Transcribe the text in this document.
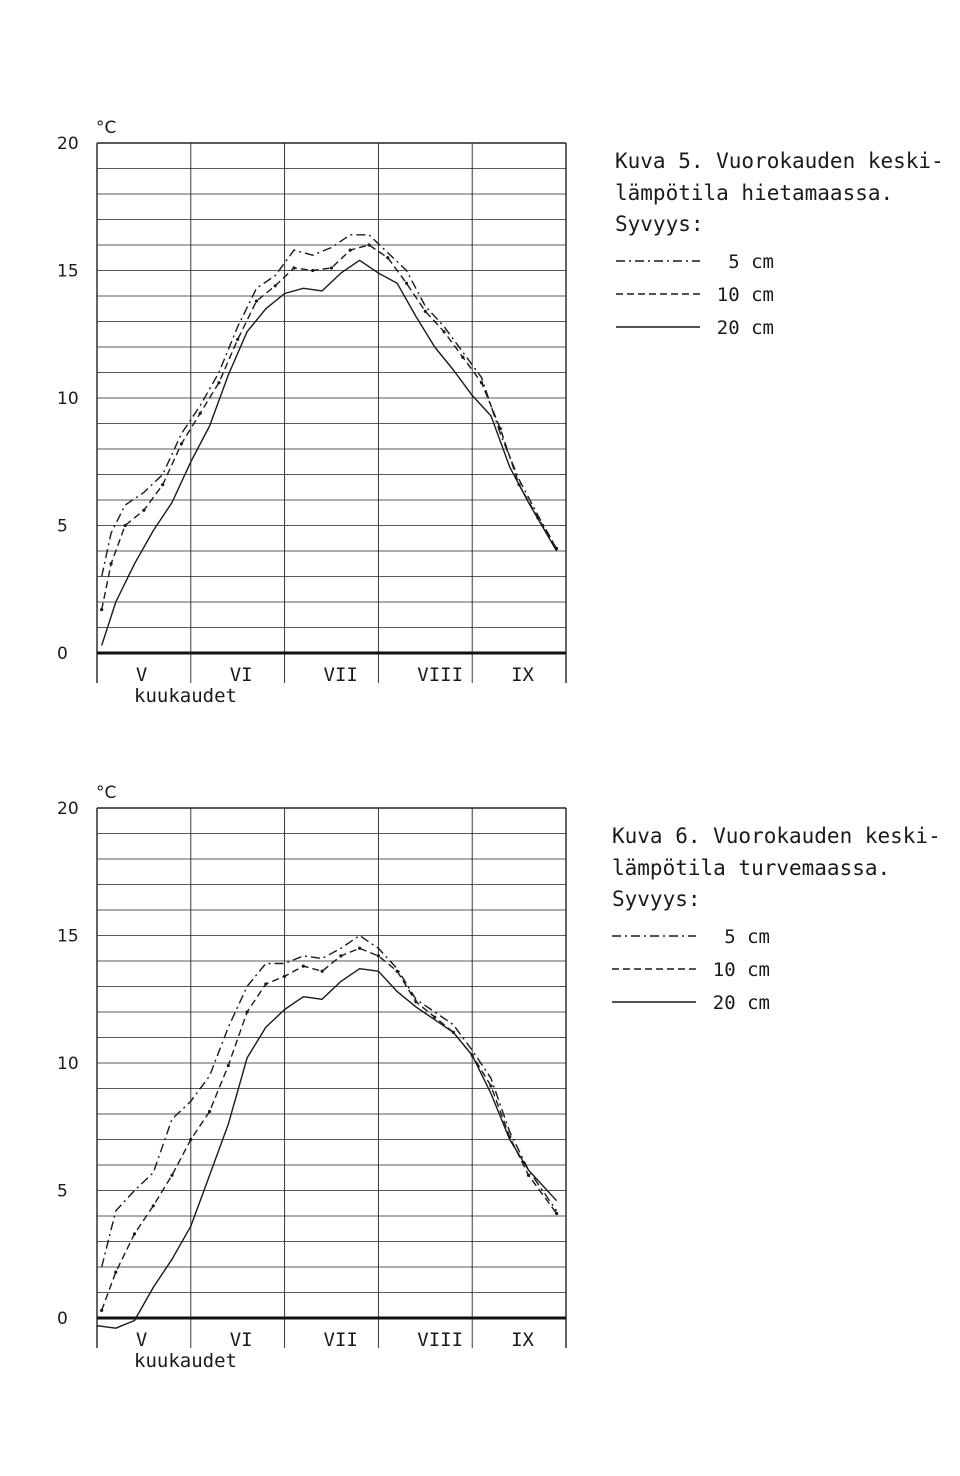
°C
0
5
10
15
20
V	VI	VII	VIII	IX
kuukaudet
Kuva 5. Vuorokauden keski-
lämpötila hietamaassa.
Syvyys:
5 cm
10 cm
20 cm
°C
0
5
10
15
20
V	VI	VII	VIII	IX
kuukaudet
Kuva 6. Vuorokauden keski-
lämpötila turvemaassa.
Syvyys:
5 cm
10 cm
20 cm
